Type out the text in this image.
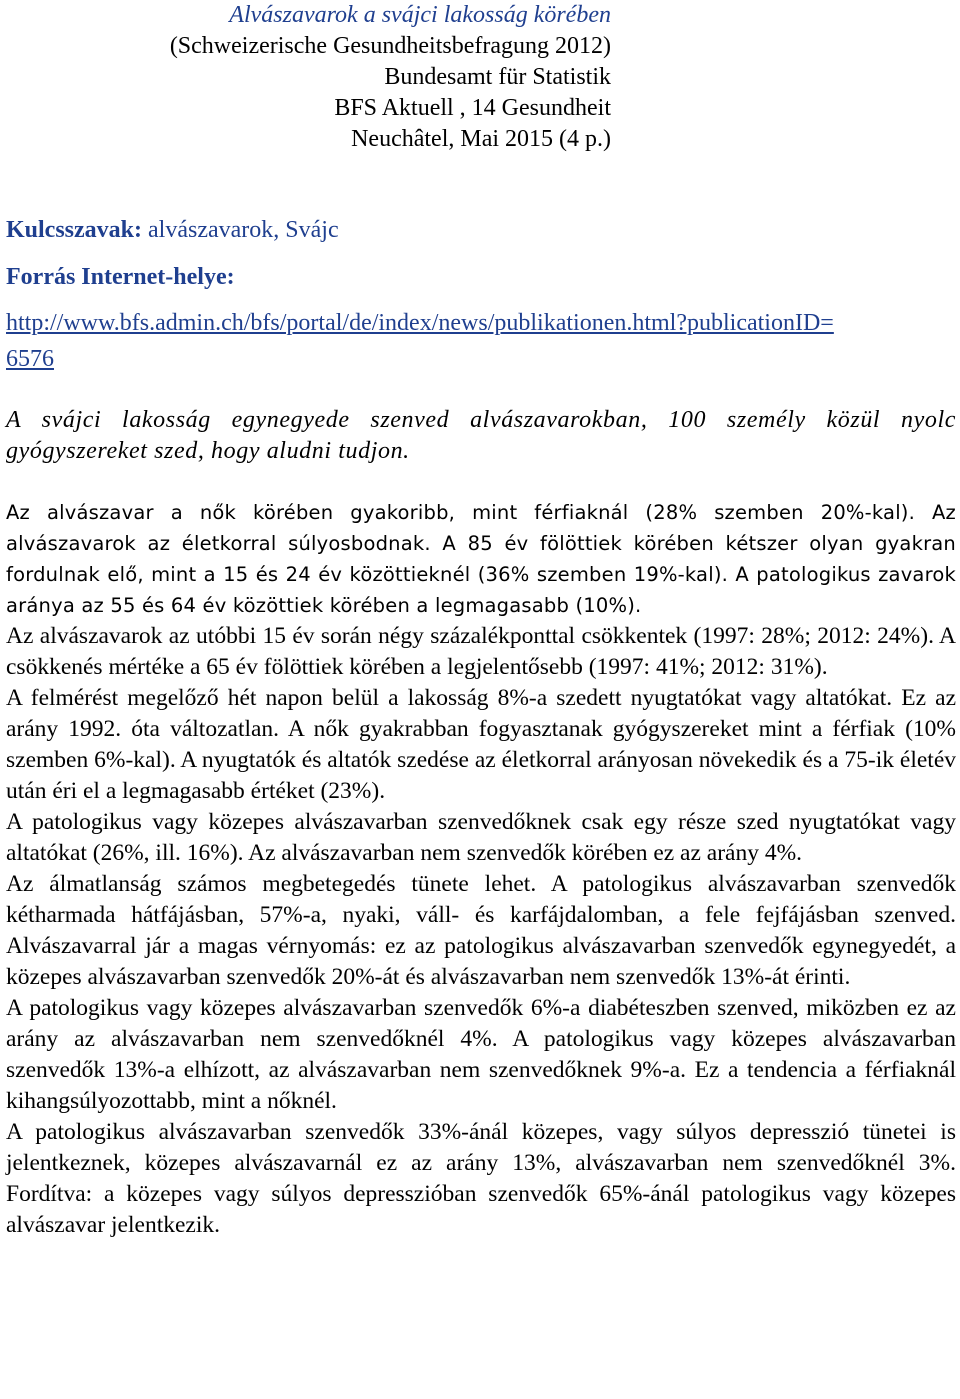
Alvászavarok a svájci lakosság körében
(Schweizerische Gesundheitsbefragung 2012)
Bundesamt für Statistik
BFS Aktuell , 14 Gesundheit
Neuchâtel, Mai 2015 (4 p.)
Kulcsszavak: alvászavarok, Svájc
Forrás Internet-helye:
http://www.bfs.admin.ch/bfs/portal/de/index/news/publikationen.html?publicationID=
6576
A svájci lakosság egynegyede szenved alvászavarokban, 100 személy közül nyolc gyógyszereket szed, hogy aludni tudjon.
Az alvászavar a nők körében gyakoribb, mint férfiaknál (28% szemben 20%-kal). Az alvászavarok az életkorral súlyosbodnak. A 85 év fölöttiek körében kétszer olyan gyakran fordulnak elő, mint a 15 és 24 év közöttieknél (36% szemben 19%-kal). A patologikus zavarok aránya az 55 és 64 év közöttiek körében a legmagasabb (10%).

Az alvászavarok az utóbbi 15 év során négy százalékponttal csökkentek (1997: 28%; 2012: 24%). A csökkenés mértéke a 65 év fölöttiek körében a legjelentősebb (1997: 41%; 2012: 31%).

A felmérést megelőző hét napon belül a lakosság 8%-a szedett nyugtatókat vagy altatókat. Ez az arány 1992. óta változatlan. A nők gyakrabban fogyasztanak gyógyszereket mint a férfiak (10% szemben 6%-kal). A nyugtatók és altatók szedése az életkorral arányosan növekedik és a 75-ik életév után éri el a legmagasabb értéket (23%).

A patologikus vagy közepes alvászavarban szenvedőknek csak egy része szed nyugtatókat vagy altatókat (26%, ill. 16%). Az alvászavarban nem szenvedők körében ez az arány 4%.

Az álmatlanság számos megbetegedés tünete lehet. A patologikus alvászavarban szenvedők kétharmada hátfájásban, 57%-a, nyaki, váll- és karfájdalomban, a fele fejfájásban szenved. Alvászavarral jár a magas vérnyomás: ez az patologikus alvászavarban szenvedők egynegyedét, a közepes alvászavarban szenvedők 20%-át és alvászavarban nem szenvedők 13%-át érinti.

A patologikus vagy közepes alvászavarban szenvedők 6%-a diabéteszben szenved, miközben ez az arány az alvászavarban nem szenvedőknél 4%. A patologikus vagy közepes alvászavarban szenvedők 13%-a elhízott, az alvászavarban nem szenvedőknek 9%-a. Ez a tendencia a férfiaknál kihangsúlyozottabb, mint a nőknél.

A patologikus alvászavarban szenvedők 33%-ánál közepes, vagy súlyos depresszió tünetei is jelentkeznek, közepes alvászavarnál ez az arány 13%, alvászavarban nem szenvedőknél 3%. Fordítva: a közepes vagy súlyos depresszióban szenvedők 65%-ánál patologikus vagy közepes alvászavar jelentkezik.
